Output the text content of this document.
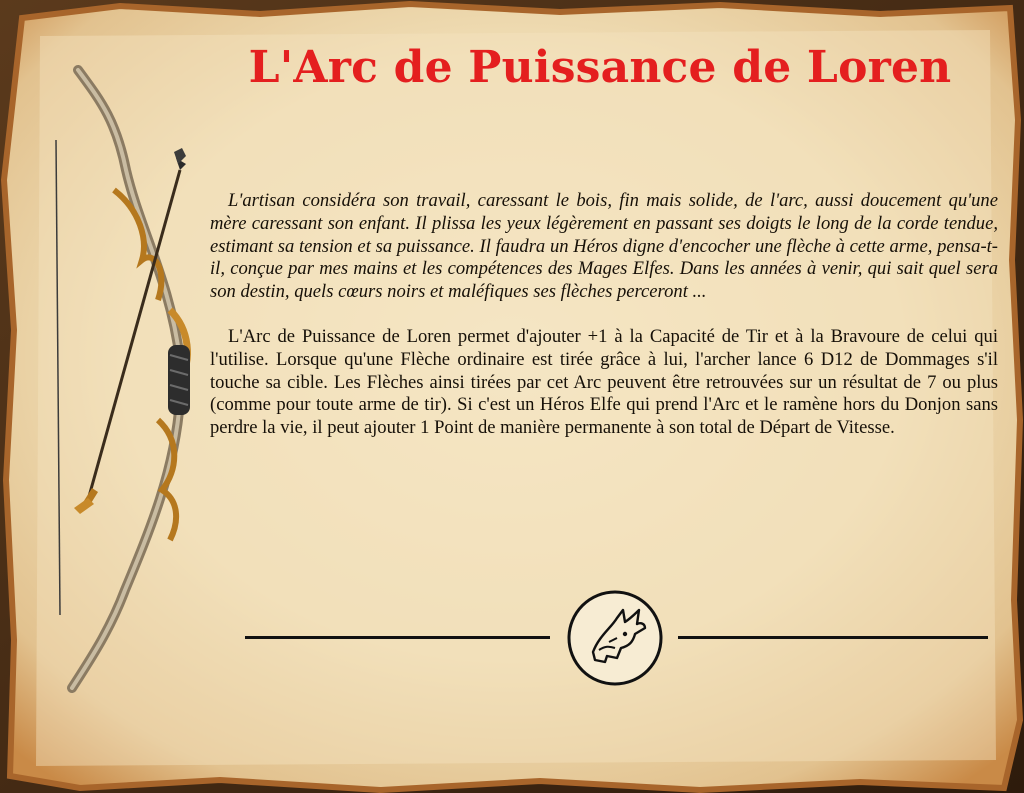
L'Arc de Puissance de Loren

L'artisan considéra son travail, caressant le bois, fin mais solide, de l'arc, aussi doucement qu'une mère caressant son enfant. Il plissa les yeux légèrement en passant ses doigts le long de la corde tendue, estimant sa tension et sa puissance. Il faudra un Héros digne d'encocher une flèche à cette arme, pensa-t-il, conçue par mes mains et les compétences des Mages Elfes. Dans les années à venir, qui sait quel sera son destin, quels cœurs noirs et maléfiques ses flèches perceront ...

L'Arc de Puissance de Loren permet d'ajouter +1 à la Capacité de Tir et à la Bravoure de celui qui l'utilise. Lorsque qu'une Flèche ordinaire est tirée grâce à lui, l'archer lance 6 D12 de Dommages s'il touche sa cible. Les Flèches ainsi tirées par cet Arc peuvent être retrouvées sur un résultat de 7 ou plus (comme pour toute arme de tir). Si c'est un Héros Elfe qui prend l'Arc et le ramène hors du Donjon sans perdre la vie, il peut ajouter 1 Point de manière permanente à son total de Départ de Vitesse.
